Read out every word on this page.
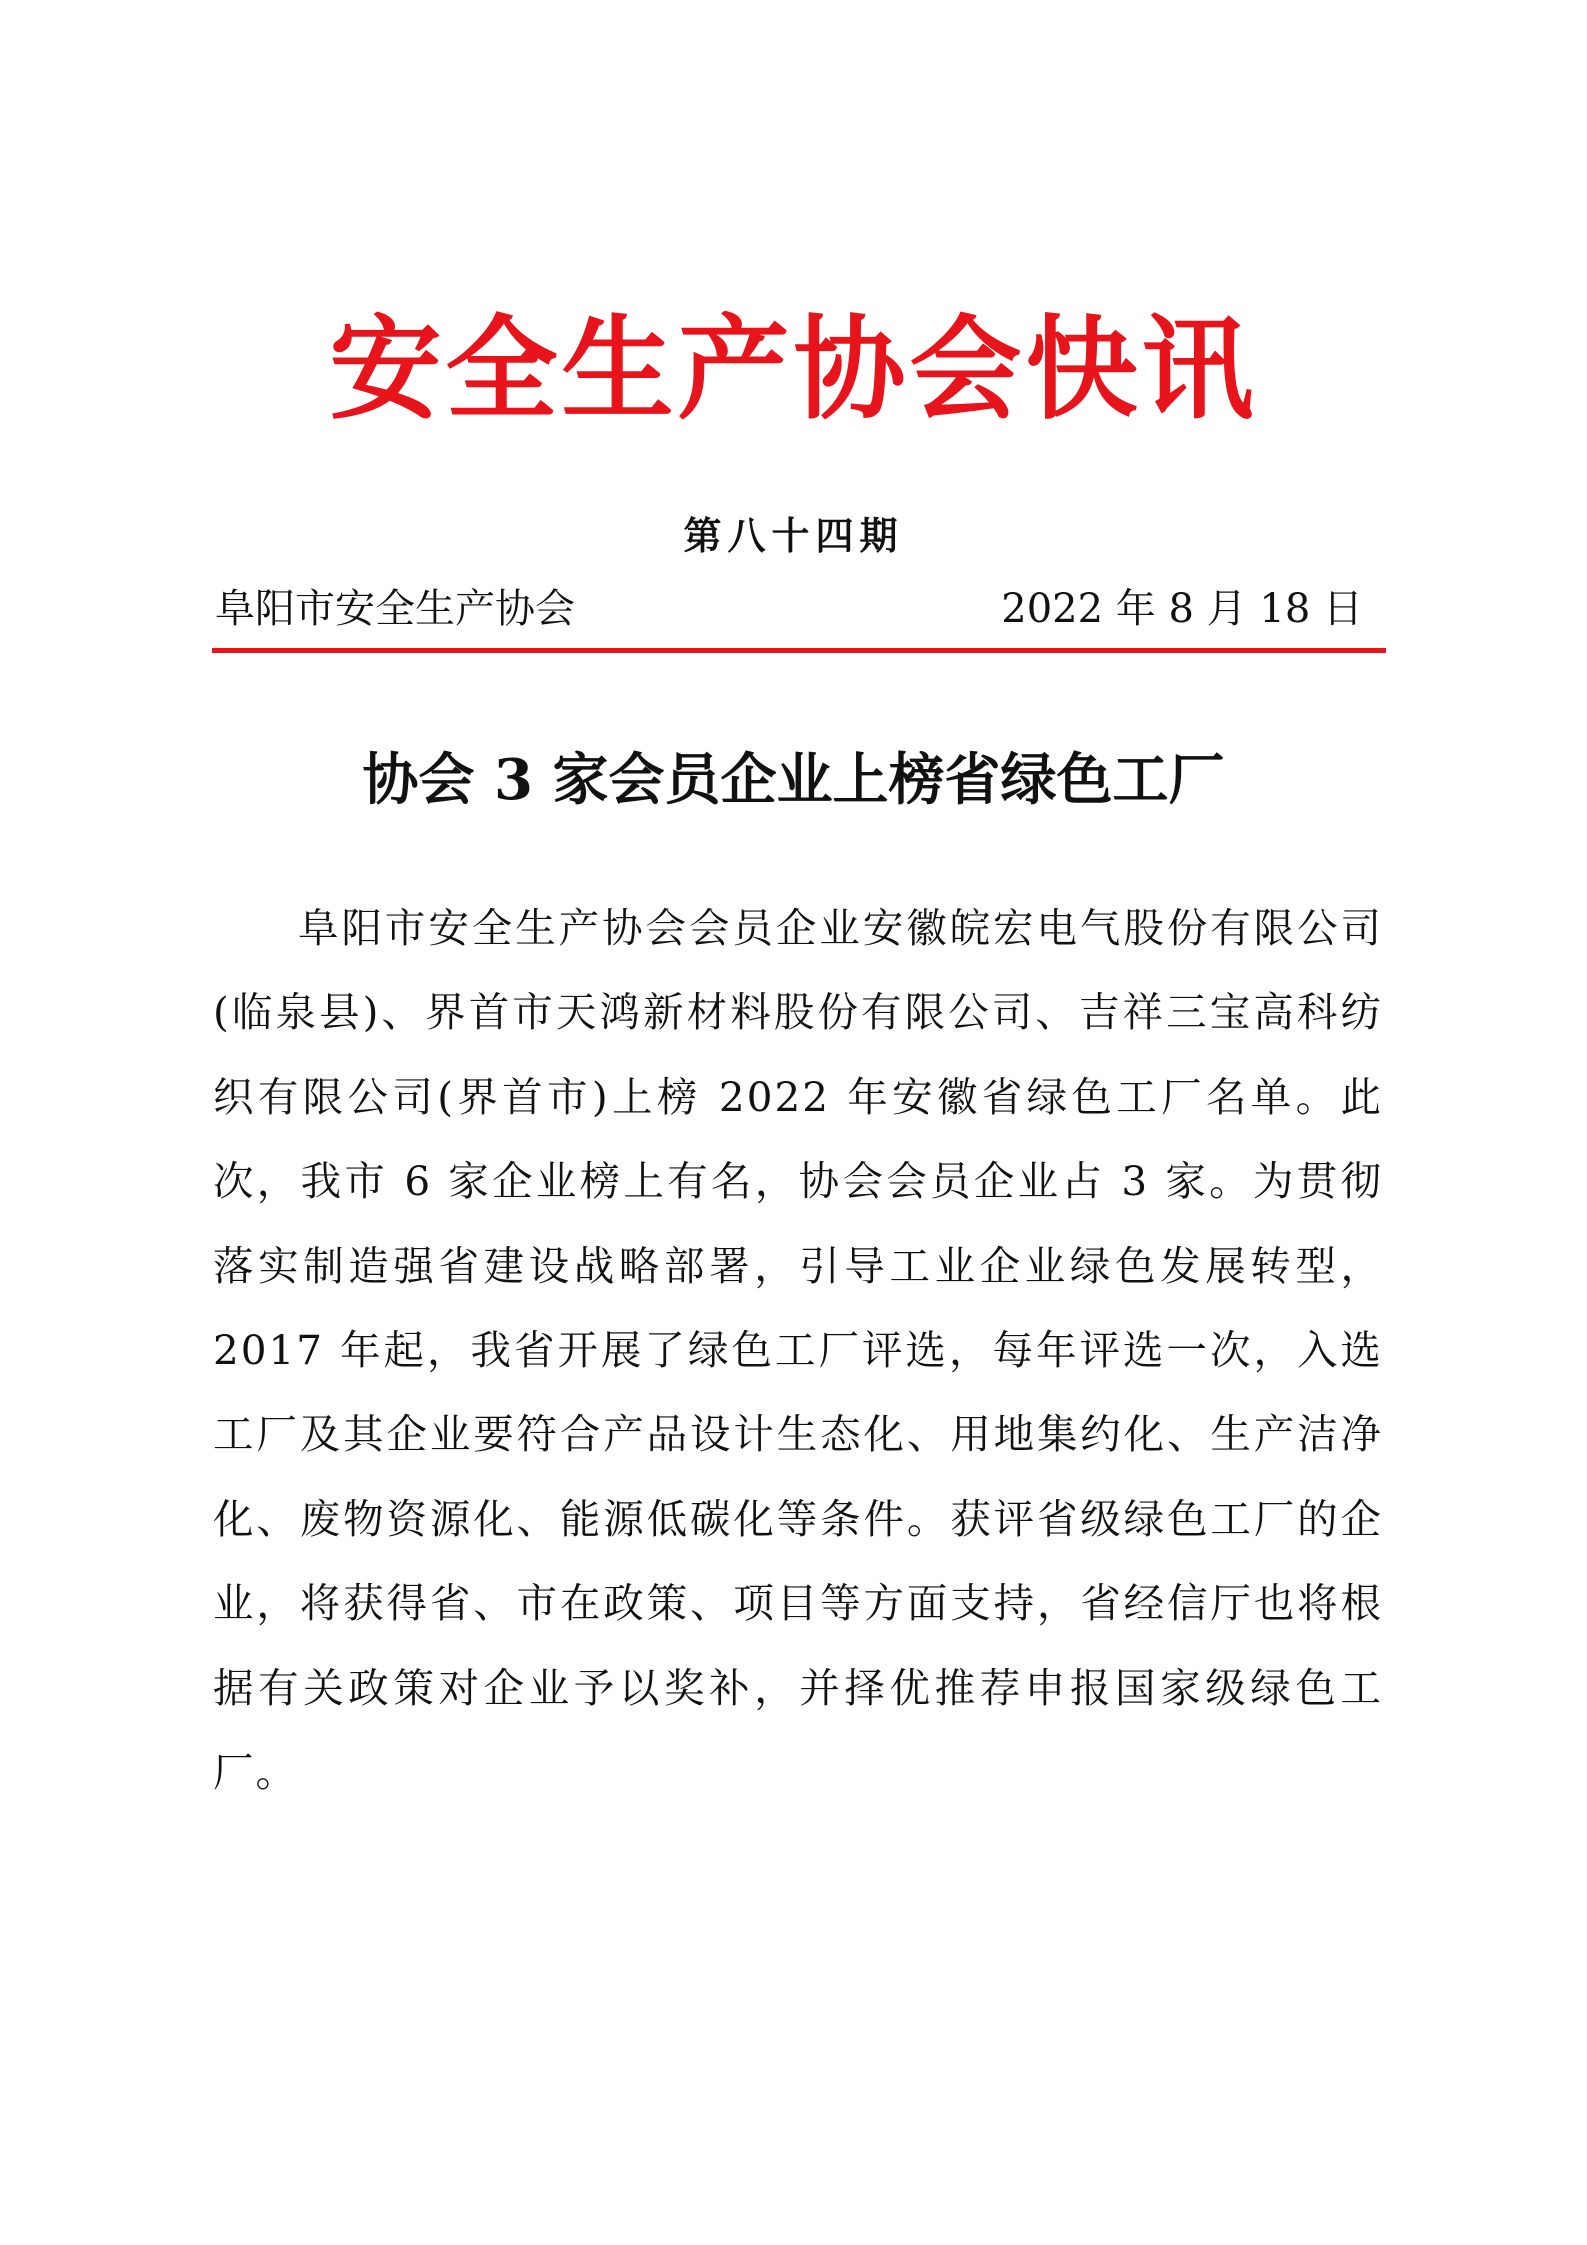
安全生产协会快讯
第八十四期
阜阳市安全生产协会	2022 年 8 月 18 日
协会 3 家会员企业上榜省绿色工厂

阜阳市安全生产协会会员企业安徽皖宏电气股份有限公司(临泉县)、界首市天鸿新材料股份有限公司、吉祥三宝高科纺织有限公司(界首市)上榜 2022 年安徽省绿色工厂名单。此次，我市 6 家企业榜上有名，协会会员企业占 3 家。为贯彻落实制造强省建设战略部署，引导工业企业绿色发展转型，2017 年起，我省开展了绿色工厂评选，每年评选一次，入选工厂及其企业要符合产品设计生态化、用地集约化、生产洁净化、废物资源化、能源低碳化等条件。获评省级绿色工厂的企业，将获得省、市在政策、项目等方面支持，省经信厅也将根据有关政策对企业予以奖补，并择优推荐申报国家级绿色工厂。
